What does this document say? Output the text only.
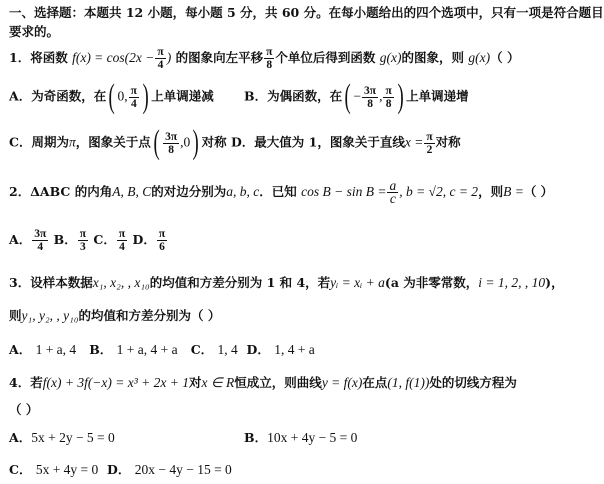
一、选择题：本题共 12 小题，每小题 5 分，共 60 分。在每小题给出的四个选项中，只有一项是符合题目
要求的。
1．将函数 $f(x) = \cos(2x - \frac{\pi}{4}$ ) 的图象向左平移 $\frac{\pi}{8}$ 个单位后得到函数 g(x)的图象，则 g(x)（ ）
A．为奇函数，在( 0, $\frac{\pi}{4}$ ) 上单调递减 B．为偶函数，在( − $\frac{3\pi}{8}$ , $\frac{\pi}{8}$ ) 上单调递增
C．周期为π，图象关于点( $\frac{3\pi}{8} ,0$) 对称 D．最大值为 1，图象关于直线$x = \frac{\pi}{2}$ 对称
2．ΔABC 的内角A, B, C的对边分别为a, b, c．已知 $\cos B - \sin B = \frac{a}{c}$ , b = √2, c = 2，则B =（ ）
A． $\frac{3\pi}{4}$ B． $\frac{\pi}{3}$ C． $\frac{\pi}{4}$ D． $\frac{\pi}{6}$
3．设样本数据x₁, x₂, , x₁₀的均值和方差分别为 1 和 4，若yᵢ = xᵢ + a(a 为非零常数，i = 1, 2, , 10)，
则y₁, y₂, , y₁₀的均值和方差分别为（ ）
A． 1 + a, 4 B． 1 + a, 4 + a C． 1, 4 D． 1, 4 + a
4．若f(x) + 3f(−x) = x³ + 2x + 1对x ∈ R恒成立，则曲线y = f(x)在点(1, f(1))处的切线方程为
（ ）
A．5x + 2y − 5 = 0	B．10x + 4y − 5 = 0
C． 5x + 4y = 0 D． 20x − 4y − 15 = 0
